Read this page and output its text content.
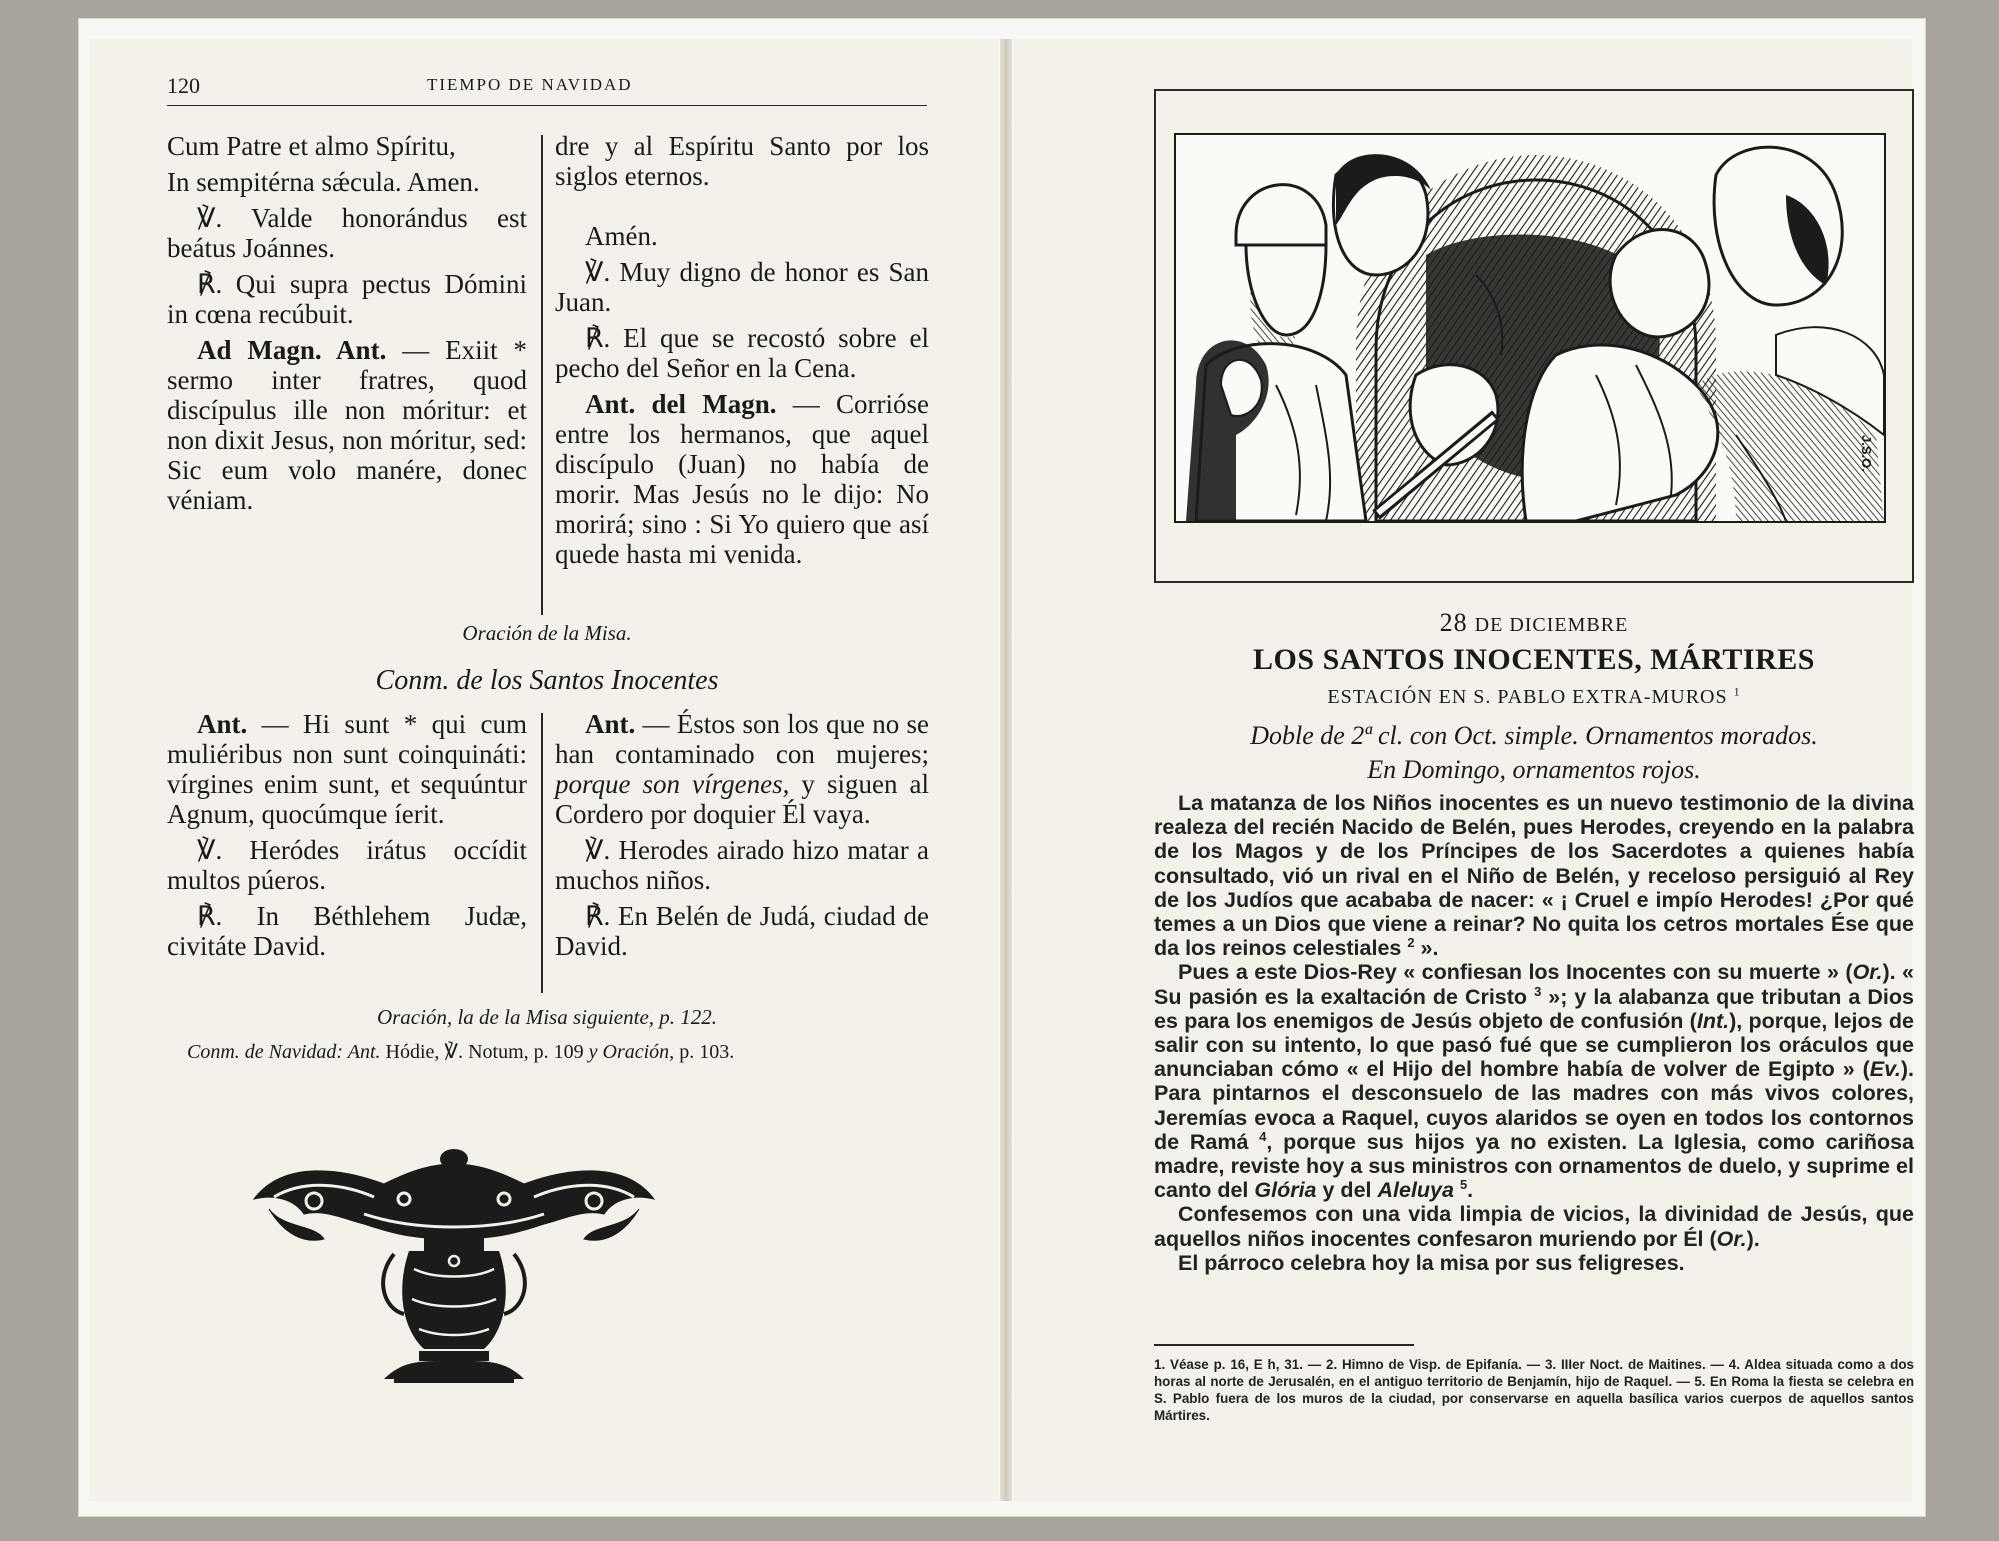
120	TIEMPO DE NAVIDAD

Cum Patre et almo Spíritu,

In sempitérna sǽcula. Amen.

℣. Valde honorándus est beátus Joánnes.

℟. Qui supra pectus Dómini in cœna recúbuit.

Ad Magn. Ant. — Exiit * sermo inter fratres, quod discípulus ille non móritur: et non dixit Jesus, non móritur, sed: Sic eum volo manére, donec véniam.

dre y al Espíritu Santo por los siglos eternos.

Amén.

℣. Muy digno de honor es San Juan.

℟. El que se recostó sobre el pecho del Señor en la Cena.

Ant. del Magn. — Corrióse entre los hermanos, que aquel discípulo (Juan) no había de morir. Mas Jesús no le dijo: No morirá; sino : Si Yo quiero que así quede hasta mi venida.

Oración de la Misa.
Conm. de los Santos Inocentes

Ant. — Hi sunt * qui cum muliéribus non sunt coinquináti: vírgines enim sunt, et sequúntur Agnum, quocúmque íerit.

℣. Heródes irátus occídit multos púeros.

℟. In Béthlehem Judæ, civitáte David.

Ant. — Éstos son los que no se han contaminado con mujeres; porque son vírgenes, y siguen al Cordero por doquier Él vaya.

℣. Herodes airado hizo matar a muchos niños.

℟. En Belén de Judá, ciudad de David.

Oración, la de la Misa siguiente, p. 122.
Conm. de Navidad: Ant. Hódie, ℣. Notum, p. 109 y Oración, p. 103.
J.S.O.
28 DE DICIEMBRE
LOS SANTOS INOCENTES, MÁRTIRES
ESTACIÓN EN S. PABLO EXTRA-MUROS $^1$
Doble de 2ª cl. con Oct. simple. Ornamentos morados.
En Domingo, ornamentos rojos.

La matanza de los Niños inocentes es un nuevo testimonio de la divina realeza del recién Nacido de Belén, pues Herodes, creyendo en la palabra de los Magos y de los Príncipes de los Sacerdotes a quienes había consultado, vió un rival en el Niño de Belén, y receloso persiguió al Rey de los Judíos que acababa de nacer: « ¡ Cruel e impío Herodes! ¿Por qué temes a un Dios que viene a reinar? No quita los cetros mortales Ése que da los reinos celestiales $^2$ ».

Pues a este Dios-Rey « confiesan los Inocentes con su muerte » (Or.). « Su pasión es la exaltación de Cristo $^3$ »; y la alabanza que tributan a Dios es para los enemigos de Jesús objeto de confusión (Int.), porque, lejos de salir con su intento, lo que pasó fué que se cumplieron los oráculos que anunciaban cómo « el Hijo del hombre había de volver de Egipto » (Ev.). Para pintarnos el desconsuelo de las madres con más vivos colores, Jeremías evoca a Raquel, cuyos alaridos se oyen en todos los contornos de Ramá $^4$, porque sus hijos ya no existen. La Iglesia, como cariñosa madre, reviste hoy a sus ministros con ornamentos de duelo, y suprime el canto del Glória y del Aleluya $^5$.

Confesemos con una vida limpia de vicios, la divinidad de Jesús, que aquellos niños inocentes confesaron muriendo por Él (Or.).

El párroco celebra hoy la misa por sus feligreses.

1. Véase p. 16, E h, 31. — 2. Himno de Visp. de Epifanía. — 3. IIIer Noct. de Maitines. — 4. Aldea situada como a dos horas al norte de Jerusalén, en el antiguo territorio de Benjamín, hijo de Raquel. — 5. En Roma la fiesta se celebra en S. Pablo fuera de los muros de la ciudad, por conservarse en aquella basílica varios cuerpos de aquellos santos Mártires.
